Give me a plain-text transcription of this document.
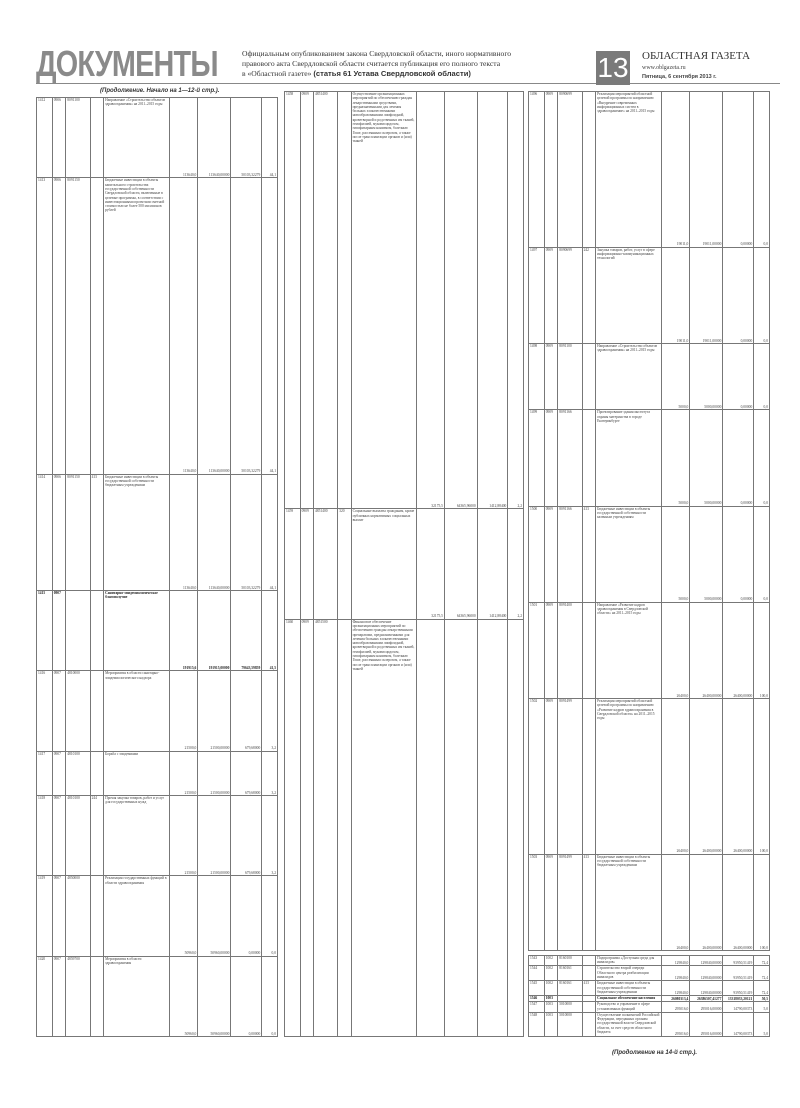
ДОКУМЕНТЫ	Официальным опубликованием закона Свердловской области, иного нормативного
правового акта Свердловской области считается публикация его полного текста
в «Областной газете» (статья 61 Устава Свердловской области)	13 ОБЛАСТНАЯ ГАЗЕТА
www.oblgazeta.ru
Пятница, 6 сентября 2013 г.
(Продолжение. Начало на 1—12-й стр.).
1412	0906	8091100		Направление «Строительство объектов здравоохранения» на 2011–2015 годы	113640,0	113640,00000	50103,32279	44,1
1413	0906	8091150		Бюджетные инвестиции в объекты капитального строительства государственной собственности Свердловской области, включенные в целевые программы, в соответствии с инвестиционными проектами сметной стоимостью не более 500 миллионов рублей	113640,0	113640,00000	50103,32279	44,1
1414	0906	8091150	413	Бюджетные инвестиции в объекты государственной собственности бюджетным учреждениям	113640,0	113640,00000	50103,32279	44,1
1415	0907			Санитарно-эпидемиологическое благополучие	191915,6	191915,00000	79643,59859	41,5
1416	0907	4810000		Мероприятия в области санитарно-эпидемиологического надзора	21500,0	21500,00000	679,68000	3,2
1417	0907	4810100		Борьба с эпидемиями	21500,0	21500,00000	679,68000	3,2
1418	0907	4810100	244	Прочая закупка товаров, работ и услуг для государственных нужд	21500,0	21500,00000	679,68000	3,2
1419	0907	4850000		Реализация государственных функций в области здравоохранения	50960,0	50960,00000	0,00000	0,0
1420	0907	4859700		Мероприятия в области здравоохранения	50960,0	50960,00000	0,00000	0,0
1458	0909	4851400		Осуществление организационных мероприятий по обеспечению граждан лекарственными средствами, предназначенными для лечения больных злокачественными новообразованиями лимфоидной, кроветворной и родственных им тканей, гемофилией, муковисцидозом, гипофизарным нанизмом, болезнью Гоше, рассеянным склерозом, а также после трансплантации органов и (или) тканей	32175,5	64365,96000	1412,88400	2,2
1459	0909	4851400	320	Социальные выплаты гражданам, кроме публичных нормативных социальных выплат	32175,5	64365,96000	1412,88400	2,2
1460	0909	4851500		Финансовое обеспечение организационных мероприятий по обеспечению граждан лекарственными препаратами, предназначенными для лечения больных злокачественными новообразованиями лимфоидной, кроветворной и родственных им тканей, гемофилией, муковисцидозом, гипофизарным нанизмом, болезнью Гоше, рассеянным склерозом, а также после трансплантации органов и (или) тканей				
1496	0909	8090699		Реализация мероприятий областной целевой программы по направлению «Внедрение современных информационных систем в здравоохранение» на 2011–2015 годы	19011,0	19011,00000	0,00000	0,0
1497	0909	8090699	242	Закупка товаров, работ, услуг в сфере информационно-коммуникационных технологий	19011,0	19011,00000	0,00000	0,0
1498	0909	8091100		Направление «Строительство объектов здравоохранения» на 2011–2015 годы	5000,0	5000,00000	0,00000	0,0
1499	0909	8091166		Проектирование здания института охраны материнства в городе Екатеринбурге	5000,0	5000,00000	0,00000	0,0
1500	0909	8091166	413	Бюджетные инвестиции в объекты государственной собственности казенным учреждениям	5000,0	5000,00000	0,00000	0,0
1501	0909	8091400		Направление «Развитие кадров здравоохранения в Свердловской области» на 2011–2015 годы	26400,0	26400,00000	26400,00000	100,0
1502	0909	8091499		Реализация мероприятий областной целевой программы по направлению «Развитие кадров здравоохранения в Свердловской области» на 2011–2015 годы	26400,0	26400,00000	26400,00000	100,0
1503	0909	8091499	413	Бюджетные инвестиции в объекты государственной собственности бюджетным учреждениям	26400,0	26400,00000	26400,00000	100,0
1543	1002	8160100		Подпрограмма «Доступная среда для инвалидов»	129840,0	129840,00000	93950,51419	72,4
1544	1002	8160161		Строительство второй очереди Областного центра реабилитации инвалидов	129840,0	129840,00000	93950,51419	72,4
1545	1002	8160161	413	Бюджетные инвестиции в объекты государственной собственности бюджетным учреждениям	129840,0	129840,00000	93950,51419	72,4
1546	1003			Социальное обеспечение населения	26080313,4	26386507,41277	13318033,20121	50,5
1547	1003	5010000		Руководство и управление в сфере установленных функций	295016,0	295016,00000	14790,00373	5,0
1548	1003	5010000		Осуществление полномочий Российской Федерации, переданных органам государственной власти Свердловской области, за счет средств областного бюджета	295016,0	295016,00000	14790,00373	5,0
(Продолжение на 14-й стр.).
